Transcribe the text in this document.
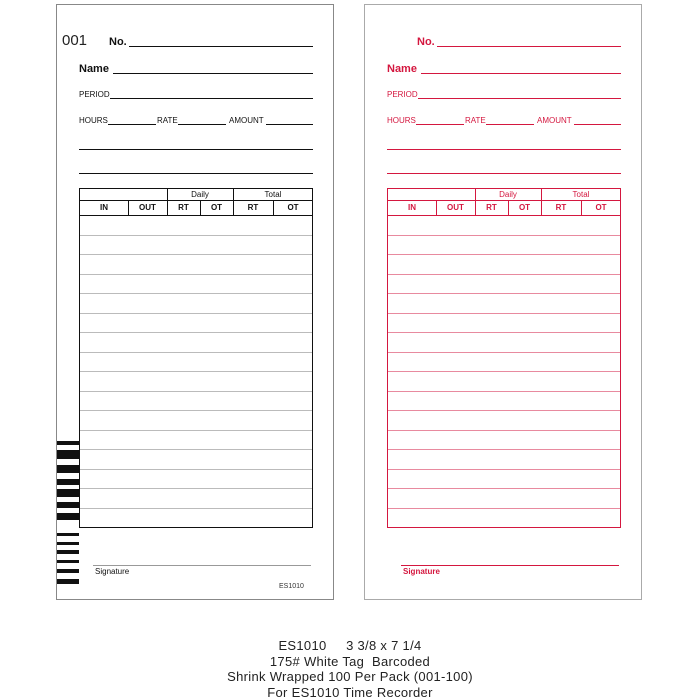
001 No.
Name
PERIOD
HOURS	RATE	AMOUNT
Daily	Total
IN	OUT	RT	OT	RT	OT
Signature
ES1010
No.
Name
PERIOD
HOURS	RATE	AMOUNT
Daily	Total
IN	OUT	RT	OT	RT	OT
Signature
ES1010     3 3/8 x 7 1/4
175# White Tag  Barcoded
Shrink Wrapped 100 Per Pack (001-100)
For ES1010 Time Recorder
